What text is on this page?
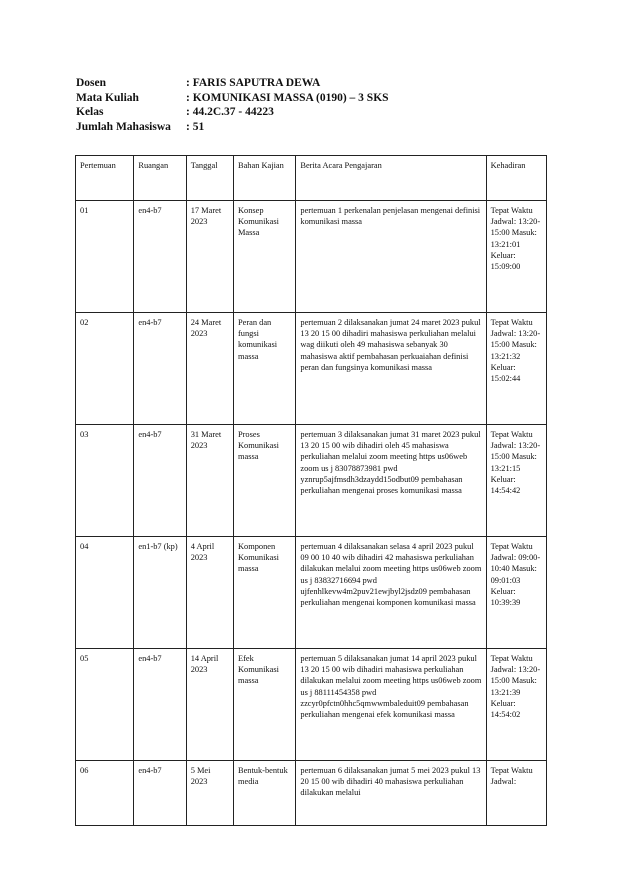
Dosen	: FARIS SAPUTRA DEWA
Mata Kuliah	: KOMUNIKASI MASSA (0190) – 3 SKS
Kelas	: 44.2C.37 - 44223
Jumlah Mahasiswa	: 51
Pertemuan	Ruangan	Tanggal	Bahan Kajian	Berita Acara Pengajaran	Kehadiran
01	en4-b7	17 Maret 2023	Konsep Komunikasi Massa	pertemuan 1 perkenalan penjelasan mengenai definisi komunikasi massa	Tepat Waktu Jadwal: 13:20-15:00 Masuk: 13:21:01 Keluar: 15:09:00
02	en4-b7	24 Maret 2023	Peran dan fungsi komunikasi massa	pertemuan 2 dilaksanakan jumat 24 maret 2023 pukul 13 20 15 00 dihadiri mahasiswa perkuliahan melalui wag diikuti oleh 49 mahasiswa sebanyak 30 mahasiswa aktif pembahasan perkuaiahan definisi peran dan fungsinya komunikasi massa	Tepat Waktu Jadwal: 13:20-15:00 Masuk: 13:21:32 Keluar: 15:02:44
03	en4-b7	31 Maret 2023	Proses Komunikasi massa	pertemuan 3 dilaksanakan jumat 31 maret 2023 pukul 13 20 15 00 wib dihadiri oleh 45 mahasiswa perkuliahan melalui zoom meeting https us06web zoom us j 83078873981 pwd yznrup5ajfmsdh3dzaydd15odbut09 pembahasan perkuliahan mengenai proses komunikasi massa	Tepat Waktu Jadwal: 13:20-15:00 Masuk: 13:21:15 Keluar: 14:54:42
04	en1-b7 (kp)	4 April 2023	Komponen Komunikasi massa	pertemuan 4 dilaksanakan selasa 4 april 2023 pukul 09 00 10 40 wib dihadiri 42 mahasiswa perkuliahan dilakukan melalui zoom meeting https us06web zoom us j 83832716694 pwd ujfenhlkevw4m2puv21ewjbyl2jsdz09 pembahasan perkuliahan mengenai komponen komunikasi massa	Tepat Waktu Jadwal: 09:00-10:40 Masuk: 09:01:03 Keluar: 10:39:39
05	en4-b7	14 April 2023	Efek Komunikasi massa	pertemuan 5 dilaksanakan jumat 14 april 2023 pukul 13 20 15 00 wib dihadiri mahasiswa perkuliahan dilakukan melalui zoom meeting https us06web zoom us j 88111454358 pwd zzcyr0pfctn0hhc5qmwwmbaleduit09 pembahasan perkuliahan mengenai efek komunikasi massa	Tepat Waktu Jadwal: 13:20-15:00 Masuk: 13:21:39 Keluar: 14:54:02
06	en4-b7	5 Mei 2023	Bentuk-bentuk media	pertemuan 6 dilaksanakan jumat 5 mei 2023 pukul 13 20 15 00 wib dihadiri 40 mahasiswa perkuliahan dilakukan melalui	Tepat Waktu Jadwal:
